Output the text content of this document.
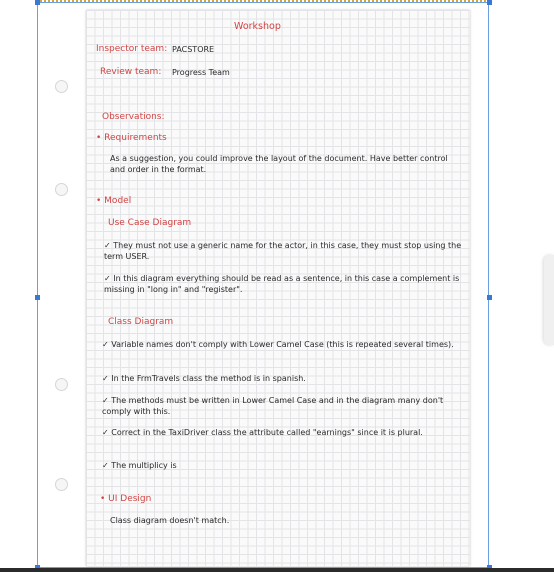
Workshop
Inspector team: PACSTORE
Review team: Progress Team
Observations:
• Requirements
As a suggestion, you could improve the layout of the document. Have better control and order in the format.
• Model
Use Case Diagram
✓ They must not use a generic name for the actor, in this case, they must stop using the term USER.
✓ In this diagram everything should be read as a sentence, in this case a complement is missing in "long in" and "register".
Class Diagram
✓ Variable names don't comply with Lower Camel Case (this is repeated several times).
✓ In the FrmTravels class the method is in spanish.
✓ The methods must be written in Lower Camel Case and in the diagram many don't comply with this.
✓ Correct in the TaxiDriver class the attribute called "earnings" since it is plural.
✓ The multiplicy is
• UI Design
Class diagram doesn't match.
